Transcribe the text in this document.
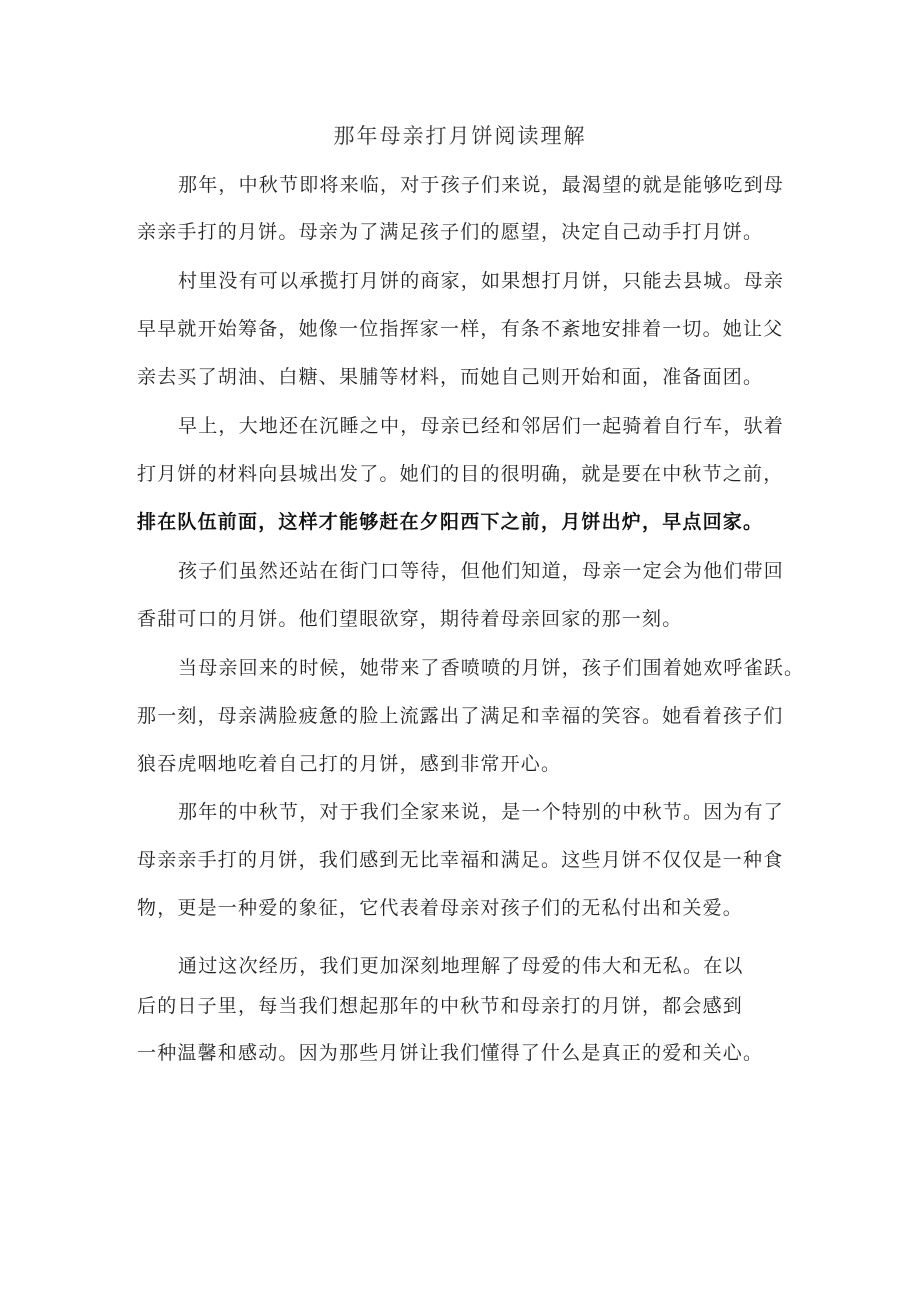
那年母亲打月饼阅读理解
那年，中秋节即将来临，对于孩子们来说，最渴望的就是能够吃到母
亲亲手打的月饼。母亲为了满足孩子们的愿望，决定自己动手打月饼。
村里没有可以承揽打月饼的商家，如果想打月饼，只能去县城。母亲
早早就开始筹备，她像一位指挥家一样，有条不紊地安排着一切。她让父
亲去买了胡油、白糖、果脯等材料，而她自己则开始和面，准备面团。
早上，大地还在沉睡之中，母亲已经和邻居们一起骑着自行车，驮着
打月饼的材料向县城出发了。她们的目的很明确，就是要在中秋节之前，
排在队伍前面，这样才能够赶在夕阳西下之前，月饼出炉，早点回家。
孩子们虽然还站在街门口等待，但他们知道，母亲一定会为他们带回
香甜可口的月饼。他们望眼欲穿，期待着母亲回家的那一刻。
当母亲回来的时候，她带来了香喷喷的月饼，孩子们围着她欢呼雀跃。
那一刻，母亲满脸疲惫的脸上流露出了满足和幸福的笑容。她看着孩子们
狼吞虎咽地吃着自己打的月饼，感到非常开心。
那年的中秋节，对于我们全家来说，是一个特别的中秋节。因为有了
母亲亲手打的月饼，我们感到无比幸福和满足。这些月饼不仅仅是一种食
物，更是一种爱的象征，它代表着母亲对孩子们的无私付出和关爱。
通过这次经历，我们更加深刻地理解了母爱的伟大和无私。在以
后的日子里，每当我们想起那年的中秋节和母亲打的月饼，都会感到
一种温馨和感动。因为那些月饼让我们懂得了什么是真正的爱和关心。
